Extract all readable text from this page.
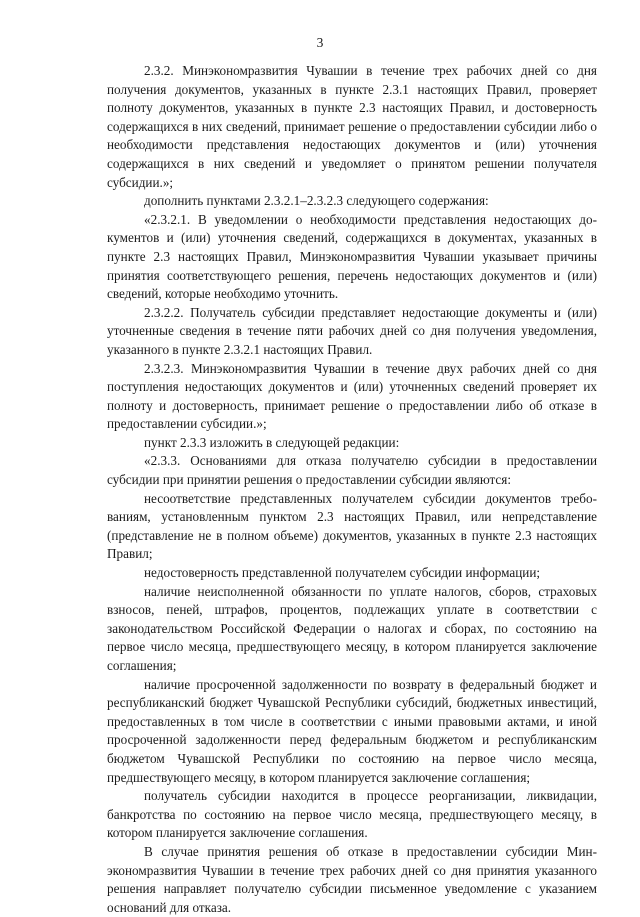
3

2.3.2. Минэкономразвития Чувашии в течение трех рабочих дней со дня получения документов, указанных в пункте 2.3.1 настоящих Правил, проверяет полноту документов, указанных в пункте 2.3 настоящих Правил, и достоверность содержащихся в них сведений, принимает решение о предоставлении субсидии либо о необходимости представления недостающих документов и (или) уточнения содержащихся в них сведений и уведомляет о принятом решении получателя субсидии.»;

дополнить пунктами 2.3.2.1–2.3.2.3 следующего содержания:

«2.3.2.1. В уведомлении о необходимости представления недостающих документов и (или) уточнения сведений, содержащихся в документах, указанных в пункте 2.3 настоящих Правил, Минэкономразвития Чувашии указывает причины принятия соответствующего решения, перечень недостающих документов и (или) сведений, которые необходимо уточнить.

2.3.2.2. Получатель субсидии представляет недостающие документы и (или) уточненные сведения в течение пяти рабочих дней со дня получения уведомления, указанного в пункте 2.3.2.1 настоящих Правил.

2.3.2.3. Минэкономразвития Чувашии в течение двух рабочих дней со дня поступления недостающих документов и (или) уточненных сведений проверяет их полноту и достоверность, принимает решение о предоставлении либо об отказе в предоставлении субсидии.»;

пункт 2.3.3 изложить в следующей редакции:

«2.3.3. Основаниями для отказа получателю субсидии в предоставлении субсидии при принятии решения о предоставлении субсидии являются:

несоответствие представленных получателем субсидии документов требованиям, установленным пунктом 2.3 настоящих Правил, или непредставление (представление не в полном объеме) документов, указанных в пункте 2.3 настоящих Правил;

недостоверность представленной получателем субсидии информации;

наличие неисполненной обязанности по уплате налогов, сборов, страховых взносов, пеней, штрафов, процентов, подлежащих уплате в соответствии с законодательством Российской Федерации о налогах и сборах, по состоянию на первое число месяца, предшествующего месяцу, в котором планируется заключение соглашения;

наличие просроченной задолженности по возврату в федеральный бюджет и республиканский бюджет Чувашской Республики субсидий, бюджетных инвестиций, предоставленных в том числе в соответствии с иными правовыми актами, и иной просроченной задолженности перед федеральным бюджетом и республиканским бюджетом Чувашской Республики по состоянию на первое число месяца, предшествующего месяцу, в котором планируется заключение соглашения;

получатель субсидии находится в процессе реорганизации, ликвидации, банкротства по состоянию на первое число месяца, предшествующего месяцу, в котором планируется заключение соглашения.

В случае принятия решения об отказе в предоставлении субсидии Минэкономразвития Чувашии в течение трех рабочих дней со дня принятия указанного решения направляет получателю субсидии письменное уведомление с указанием оснований для отказа.
